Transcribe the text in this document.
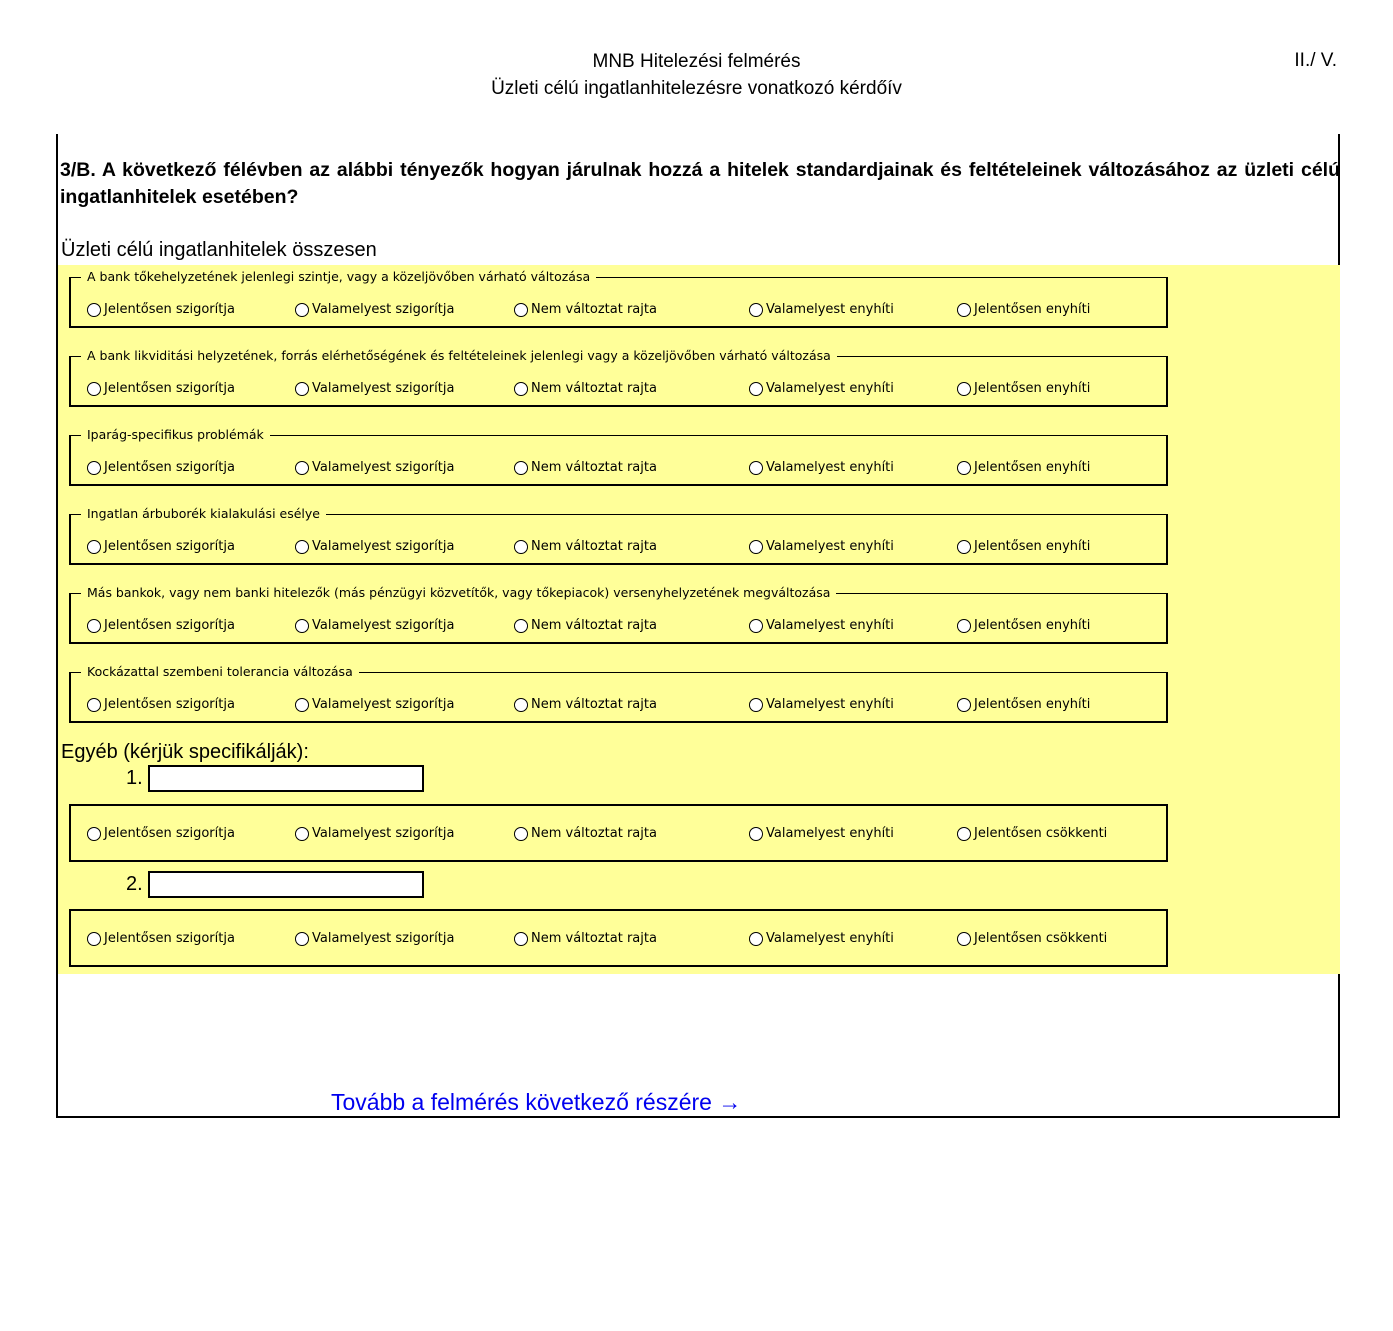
MNB Hitelezési felmérés
Üzleti célú ingatlanhitelezésre vonatkozó kérdőív
II./ V.
3/B. A következő félévben az alábbi tényezők hogyan járulnak hozzá a hitelek standardjainak és feltételeinek változásához az üzleti célú ingatlanhitelek esetében?
Üzleti célú ingatlanhitelek összesen
A bank tőkehelyzetének jelenlegi szintje, vagy a közeljövőben várható változása
Jelentősen szigorítja	Valamelyest szigorítja	Nem változtat rajta	Valamelyest enyhíti	Jelentősen enyhíti
A bank likviditási helyzetének, forrás elérhetőségének és feltételeinek jelenlegi vagy a közeljövőben várható változása
Jelentősen szigorítja	Valamelyest szigorítja	Nem változtat rajta	Valamelyest enyhíti	Jelentősen enyhíti
Iparág-specifikus problémák
Jelentősen szigorítja	Valamelyest szigorítja	Nem változtat rajta	Valamelyest enyhíti	Jelentősen enyhíti
Ingatlan árbuborék kialakulási esélye
Jelentősen szigorítja	Valamelyest szigorítja	Nem változtat rajta	Valamelyest enyhíti	Jelentősen enyhíti
Más bankok, vagy nem banki hitelezők (más pénzügyi közvetítők, vagy tőkepiacok) versenyhelyzetének megváltozása
Jelentősen szigorítja	Valamelyest szigorítja	Nem változtat rajta	Valamelyest enyhíti	Jelentősen enyhíti
Kockázattal szembeni tolerancia változása
Jelentősen szigorítja	Valamelyest szigorítja	Nem változtat rajta	Valamelyest enyhíti	Jelentősen enyhíti
Egyéb (kérjük specifikálják):
1.
Jelentősen szigorítja	Valamelyest szigorítja	Nem változtat rajta	Valamelyest enyhíti	Jelentősen csökkenti
2.
Jelentősen szigorítja	Valamelyest szigorítja	Nem változtat rajta	Valamelyest enyhíti	Jelentősen csökkenti
Tovább a felmérés következő részére →
